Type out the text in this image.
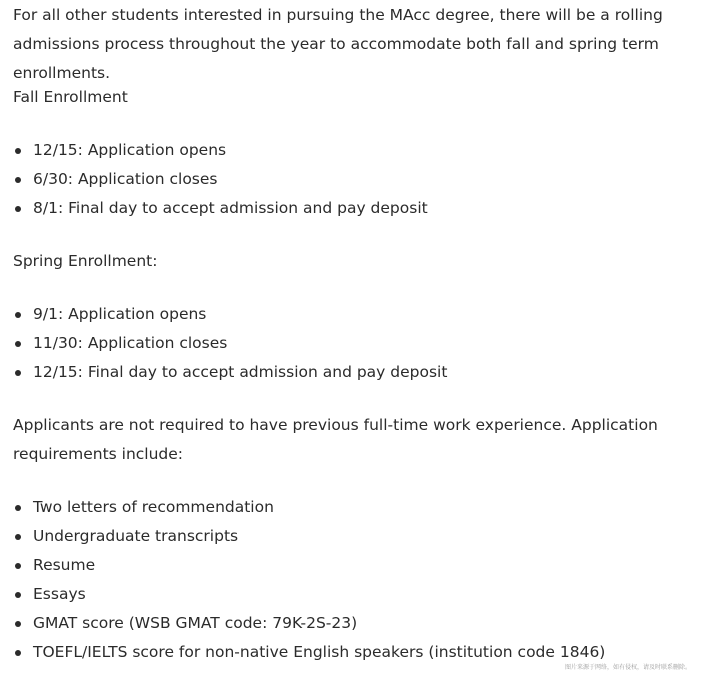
For all other students interested in pursuing the MAcc degree, there will be a rolling admissions process throughout the year to accommodate both fall and spring term enrollments.

Fall Enrollment

12/15: Application opens
6/30: Application closes
8/1: Final day to accept admission and pay deposit

Spring Enrollment:

9/1: Application opens
11/30: Application closes
12/15: Final day to accept admission and pay deposit

Applicants are not required to have previous full-time work experience. Application requirements include:

Two letters of recommendation
Undergraduate transcripts
Resume
Essays
GMAT score (WSB GMAT code: 79K-2S-23)
TOEFL/IELTS score for non-native English speakers (institution code 1846)
图片来源于网络，如有侵权，请及时联系删除。
